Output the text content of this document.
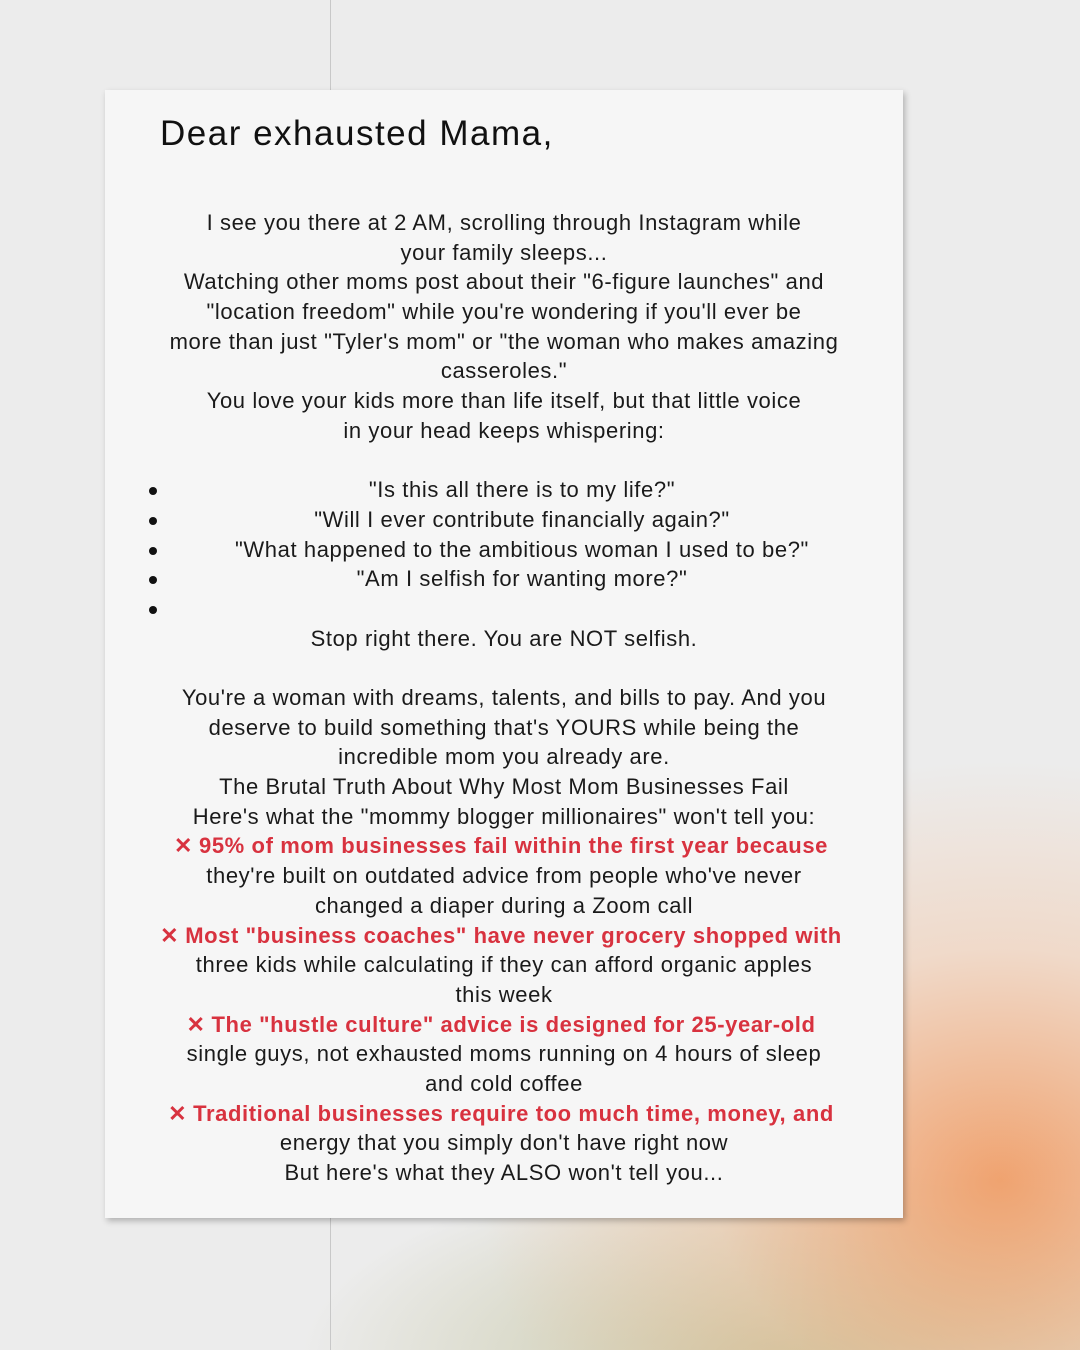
Dear exhausted Mama,
I see you there at 2 AM, scrolling through Instagram while
your family sleeps...
Watching other moms post about their "6-figure launches" and
"location freedom" while you're wondering if you'll ever be
more than just "Tyler's mom" or "the woman who makes amazing
casseroles."
You love your kids more than life itself, but that little voice
in your head keeps whispering:
"Is this all there is to my life?"
"Will I ever contribute financially again?"
"What happened to the ambitious woman I used to be?"
"Am I selfish for wanting more?"
Stop right there. You are NOT selfish.
You're a woman with dreams, talents, and bills to pay. And you
deserve to build something that's YOURS while being the
incredible mom you already are.
The Brutal Truth About Why Most Mom Businesses Fail
Here's what the "mommy blogger millionaires" won't tell you:
✕ 95% of mom businesses fail within the first year because
they're built on outdated advice from people who've never
changed a diaper during a Zoom call
✕ Most "business coaches" have never grocery shopped with
three kids while calculating if they can afford organic apples
this week
✕ The "hustle culture" advice is designed for 25-year-old
single guys, not exhausted moms running on 4 hours of sleep
and cold coffee
✕ Traditional businesses require too much time, money, and
energy that you simply don't have right now
But here's what they ALSO won't tell you...
